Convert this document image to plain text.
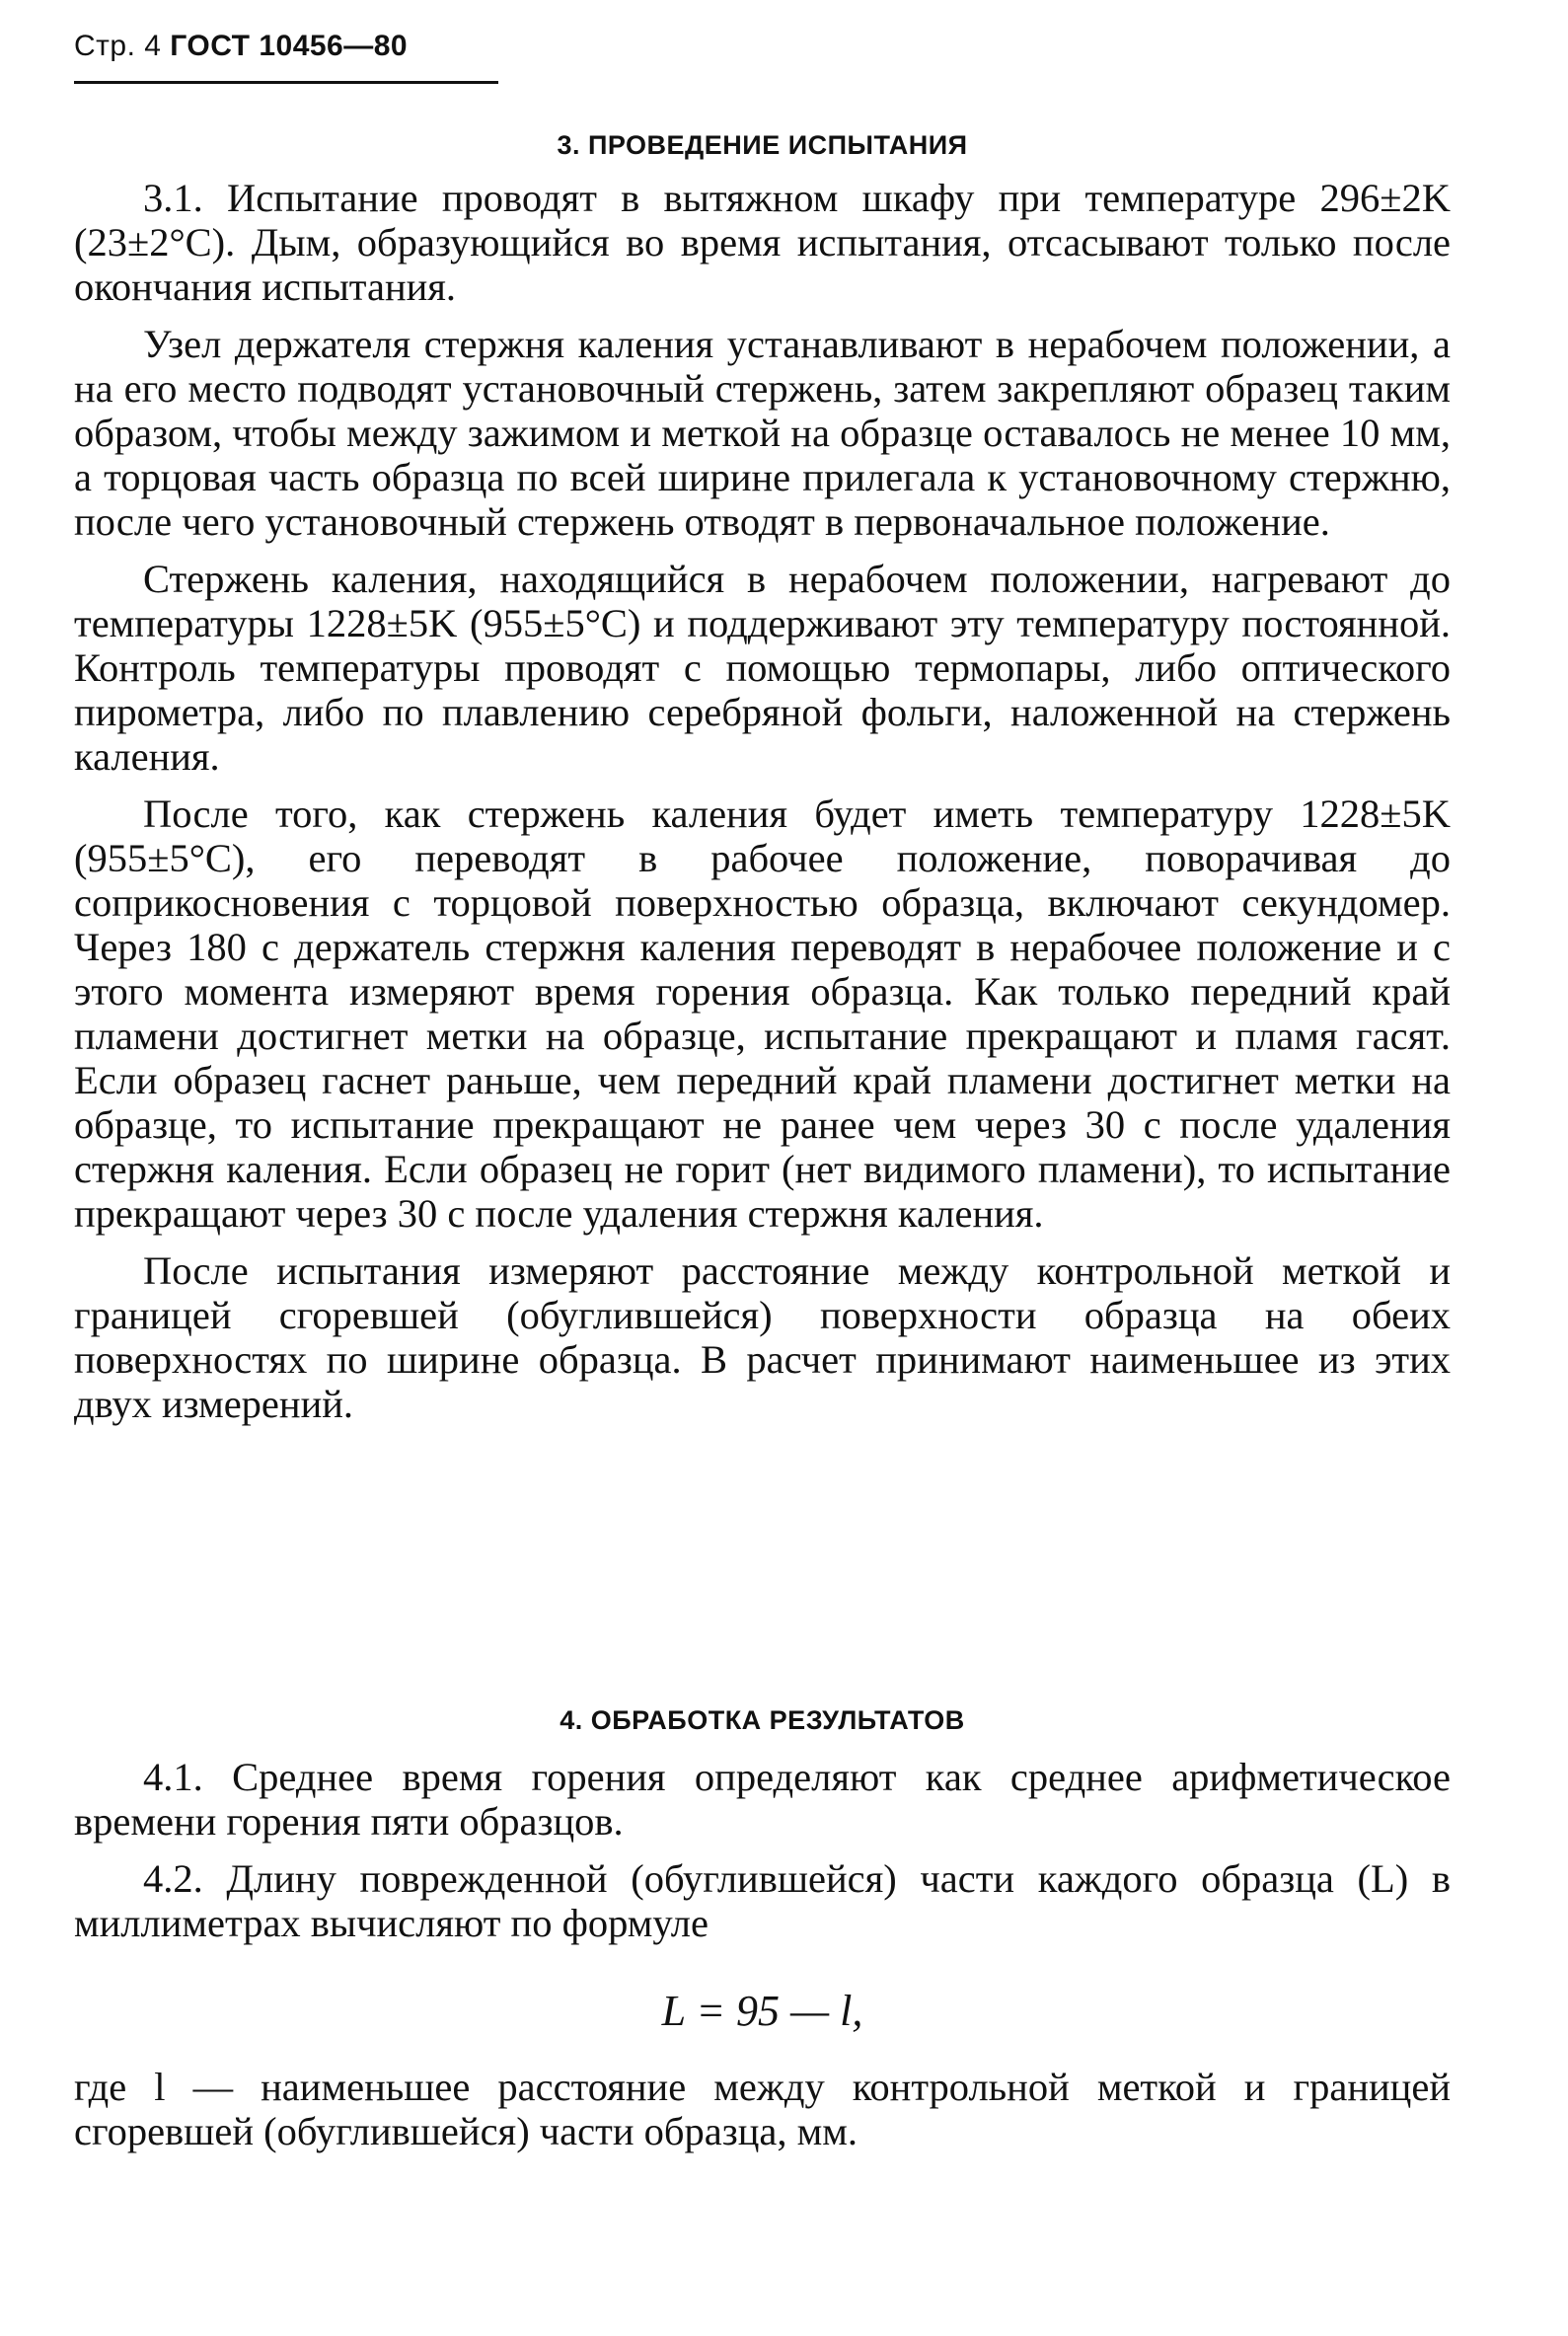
Стр. 4 ГОСТ 10456—80
3. ПРОВЕДЕНИЕ ИСПЫТАНИЯ

3.1. Испытание проводят в вытяжном шкафу при температуре 296±2K (23±2°C). Дым, образующийся во время испытания, отсасывают только после окончания испытания.

Узел держателя стержня каления устанавливают в нерабочем положении, а на его место подводят установочный стержень, затем закрепляют образец таким образом, чтобы между зажимом и меткой на образце оставалось не менее 10 мм, а торцовая часть образца по всей ширине прилегала к установочному стержню, после чего установочный стержень отводят в первоначальное положение.

Стержень каления, находящийся в нерабочем положении, нагревают до температуры 1228±5K (955±5°C) и поддерживают эту температуру постоянной. Контроль температуры проводят с помощью термопары, либо оптического пирометра, либо по плавлению серебряной фольги, наложенной на стержень каления.

После того, как стержень каления будет иметь температуру 1228±5K (955±5°C), его переводят в рабочее положение, поворачивая до соприкосновения с торцовой поверхностью образца, включают секундомер. Через 180 с держатель стержня каления переводят в нерабочее положение и с этого момента измеряют время горения образца. Как только передний край пламени достигнет метки на образце, испытание прекращают и пламя гасят. Если образец гаснет раньше, чем передний край пламени достигнет метки на образце, то испытание прекращают не ранее чем через 30 с после удаления стержня каления. Если образец не горит (нет видимого пламени), то испытание прекращают через 30 с после удаления стержня каления.

После испытания измеряют расстояние между контрольной меткой и границей сгоревшей (обуглившейся) поверхности образца на обеих поверхностях по ширине образца. В расчет принимают наименьшее из этих двух измерений.

4. ОБРАБОТКА РЕЗУЛЬТАТОВ

4.1. Среднее время горения определяют как среднее арифметическое времени горения пяти образцов.

4.2. Длину поврежденной (обуглившейся) части каждого образца (L) в миллиметрах вычисляют по формуле

L = 95 — l,

где l — наименьшее расстояние между контрольной меткой и границей сгоревшей (обуглившейся) части образца, мм.
